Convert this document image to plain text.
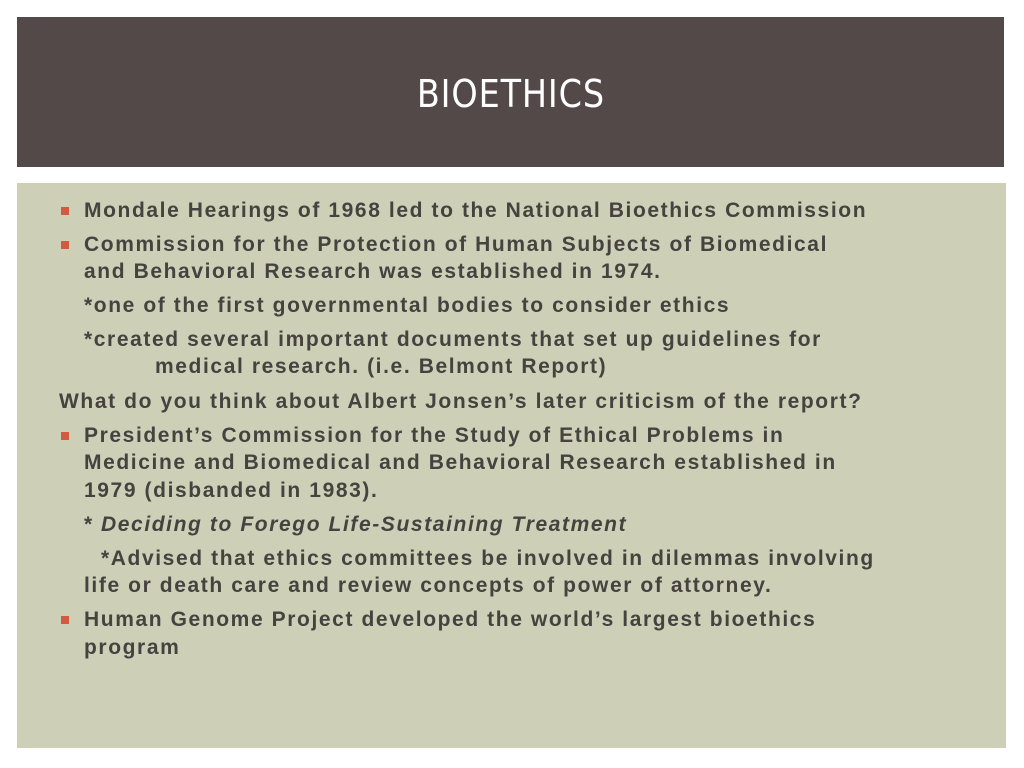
BIOETHICS
Mondale Hearings of 1968 led to the National Bioethics Commission
Commission for the Protection of Human Subjects of Biomedical
and Behavioral Research was established in 1974.
*one of the first governmental bodies to consider ethics
*created several important documents that set up guidelines for
medical research. (i.e. Belmont Report)
What do you think about Albert Jonsen’s later criticism of the report?
President’s Commission for the Study of Ethical Problems in
Medicine and Biomedical and Behavioral Research established in
1979 (disbanded in 1983).
* Deciding to Forego Life-Sustaining Treatment
*Advised that ethics committees be involved in dilemmas involving
life or death care and review concepts of power of attorney.
Human Genome Project developed the world’s largest bioethics
program
